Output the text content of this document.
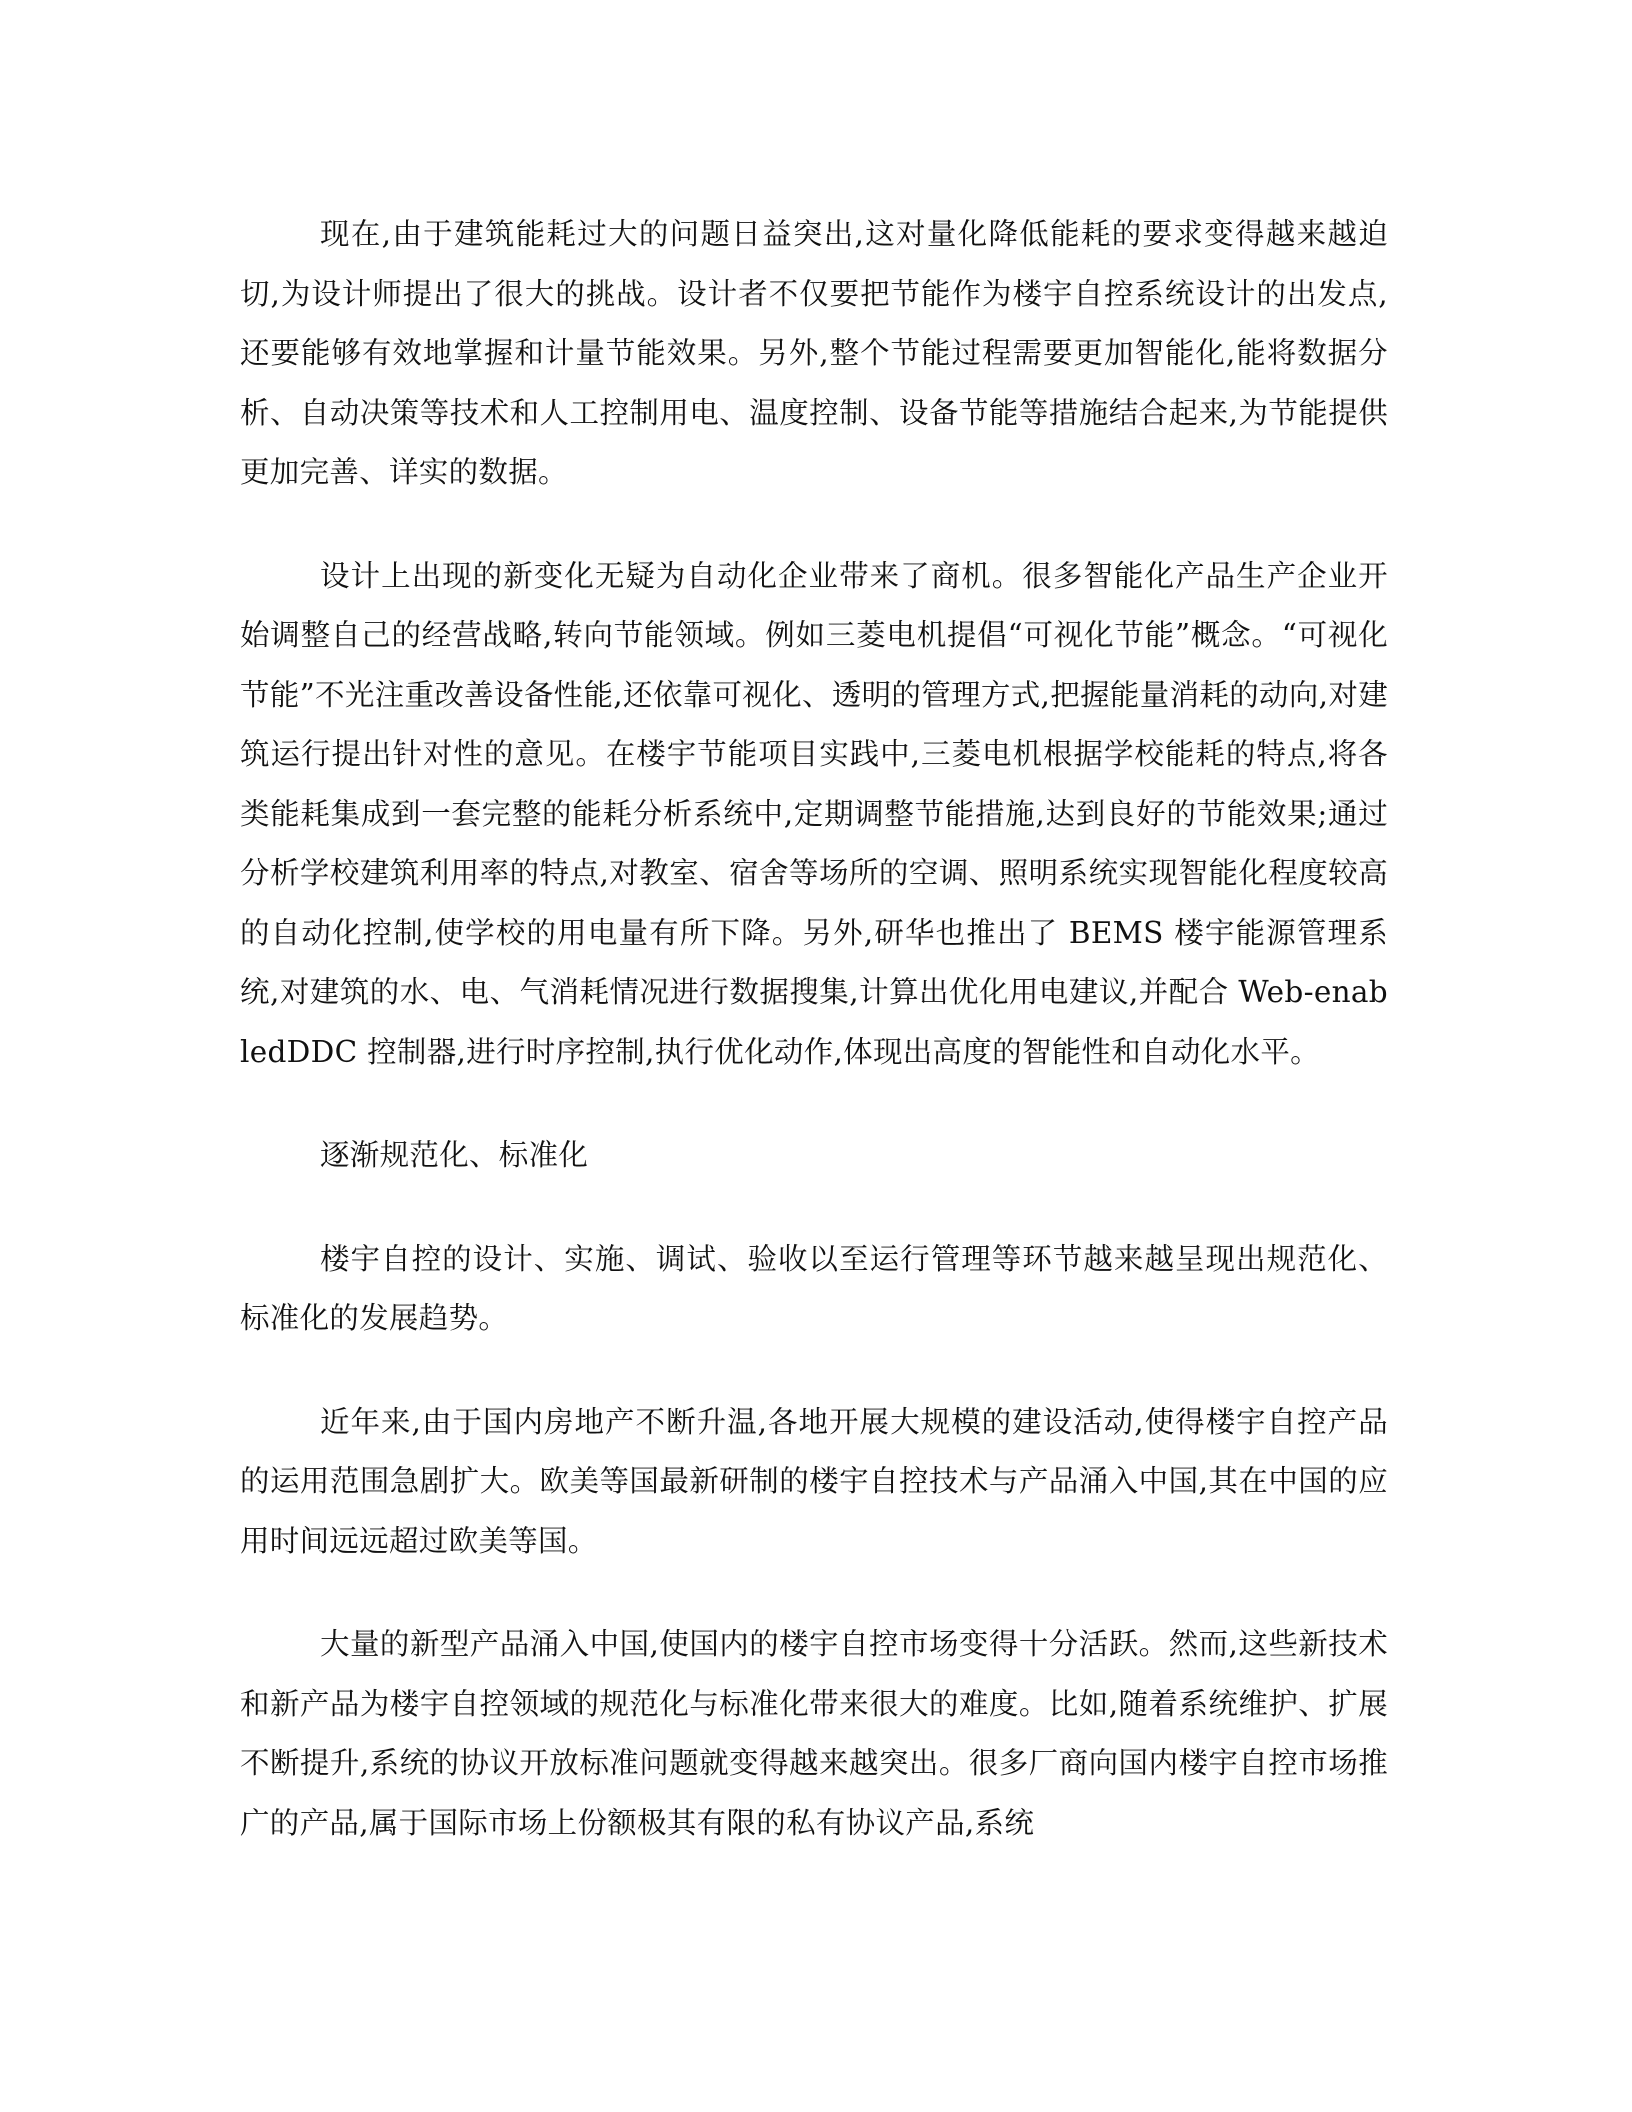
现在,由于建筑能耗过大的问题日益突出,这对量化降低能耗的要求变得越来越迫切,为设计师提出了很大的挑战。设计者不仅要把节能作为楼宇自控系统设计的出发点,还要能够有效地掌握和计量节能效果。另外,整个节能过程需要更加智能化,能将数据分析、自动决策等技术和人工控制用电、温度控制、设备节能等措施结合起来,为节能提供更加完善、详实的数据。

设计上出现的新变化无疑为自动化企业带来了商机。很多智能化产品生产企业开始调整自己的经营战略,转向节能领域。例如三菱电机提倡“可视化节能”概念。“可视化节能”不光注重改善设备性能,还依靠可视化、透明的管理方式,把握能量消耗的动向,对建筑运行提出针对性的意见。在楼宇节能项目实践中,三菱电机根据学校能耗的特点,将各类能耗集成到一套完整的能耗分析系统中,定期调整节能措施,达到良好的节能效果;通过分析学校建筑利用率的特点,对教室、宿舍等场所的空调、照明系统实现智能化程度较高的自动化控制,使学校的用电量有所下降。另外,研华也推出了 BEMS 楼宇能源管理系统,对建筑的水、电、气消耗情况进行数据搜集,计算出优化用电建议,并配合 Web-enabledDDC 控制器,进行时序控制,执行优化动作,体现出高度的智能性和自动化水平。

逐渐规范化、标准化

楼宇自控的设计、实施、调试、验收以至运行管理等环节越来越呈现出规范化、标准化的发展趋势。

近年来,由于国内房地产不断升温,各地开展大规模的建设活动,使得楼宇自控产品的运用范围急剧扩大。欧美等国最新研制的楼宇自控技术与产品涌入中国,其在中国的应用时间远远超过欧美等国。

大量的新型产品涌入中国,使国内的楼宇自控市场变得十分活跃。然而,这些新技术和新产品为楼宇自控领域的规范化与标准化带来很大的难度。比如,随着系统维护、扩展不断提升,系统的协议开放标准问题就变得越来越突出。很多厂商向国内楼宇自控市场推广的产品,属于国际市场上份额极其有限的私有协议产品,系统
